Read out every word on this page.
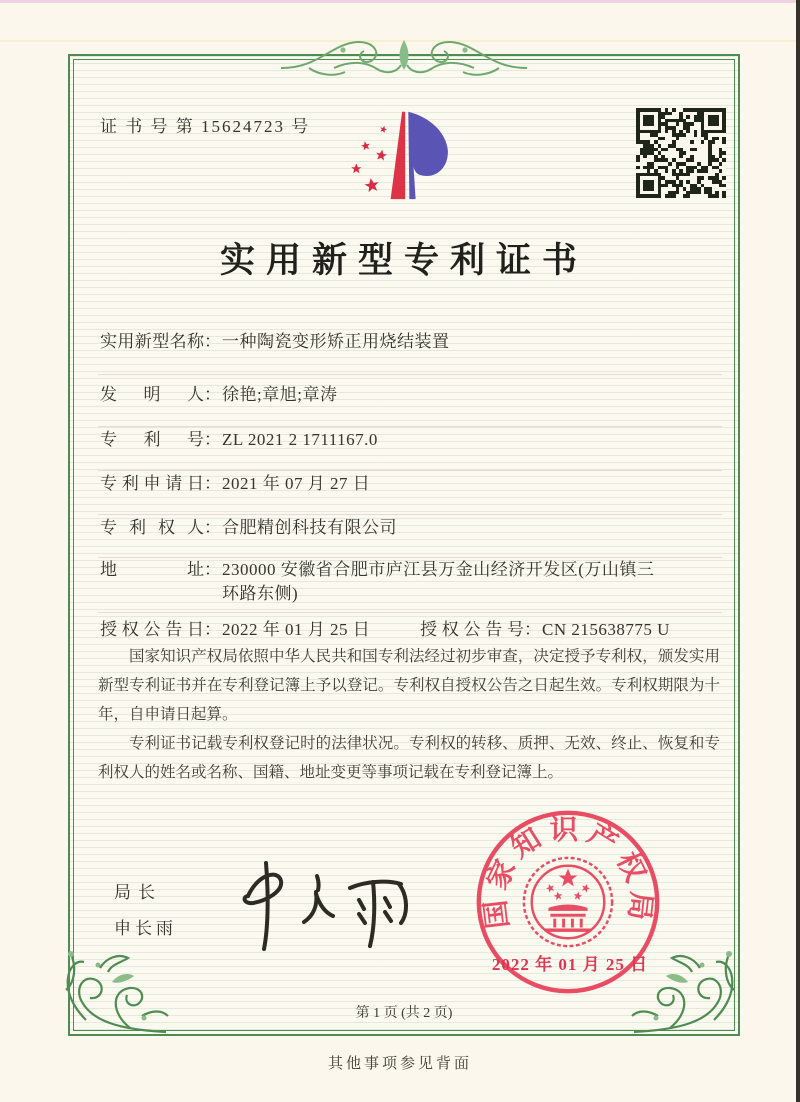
证 书 号 第 15624723 号
实用新型专利证书
实用新型名称 ： 一种陶瓷变形矫正用烧结装置
发明人 ： 徐艳;章旭;章涛
专利号 ： ZL 2021 2 1711167.0
专利申请日 ： 2021 年 07 月 27 日
专利权人 ： 合肥精创科技有限公司
地址 ： 230000 安徽省合肥市庐江县万金山经济开发区(万山镇三环路东侧)
授权公告日 ： 2022 年 01 月 25 日	授权公告号 ： CN 215638775 U

国家知识产权局依照中华人民共和国专利法经过初步审查，决定授予专利权，颁发实用新型专利证书并在专利登记簿上予以登记。专利权自授权公告之日起生效。专利权期限为十年，自申请日起算。

专利证书记载专利权登记时的法律状况。专利权的转移、质押、无效、终止、恢复和专利权人的姓名或名称、国籍、地址变更等事项记载在专利登记簿上。

局长
申长雨	国家知识产权局
2022 年 01 月 25 日
第 1 页 (共 2 页)
其他事项参见背面
